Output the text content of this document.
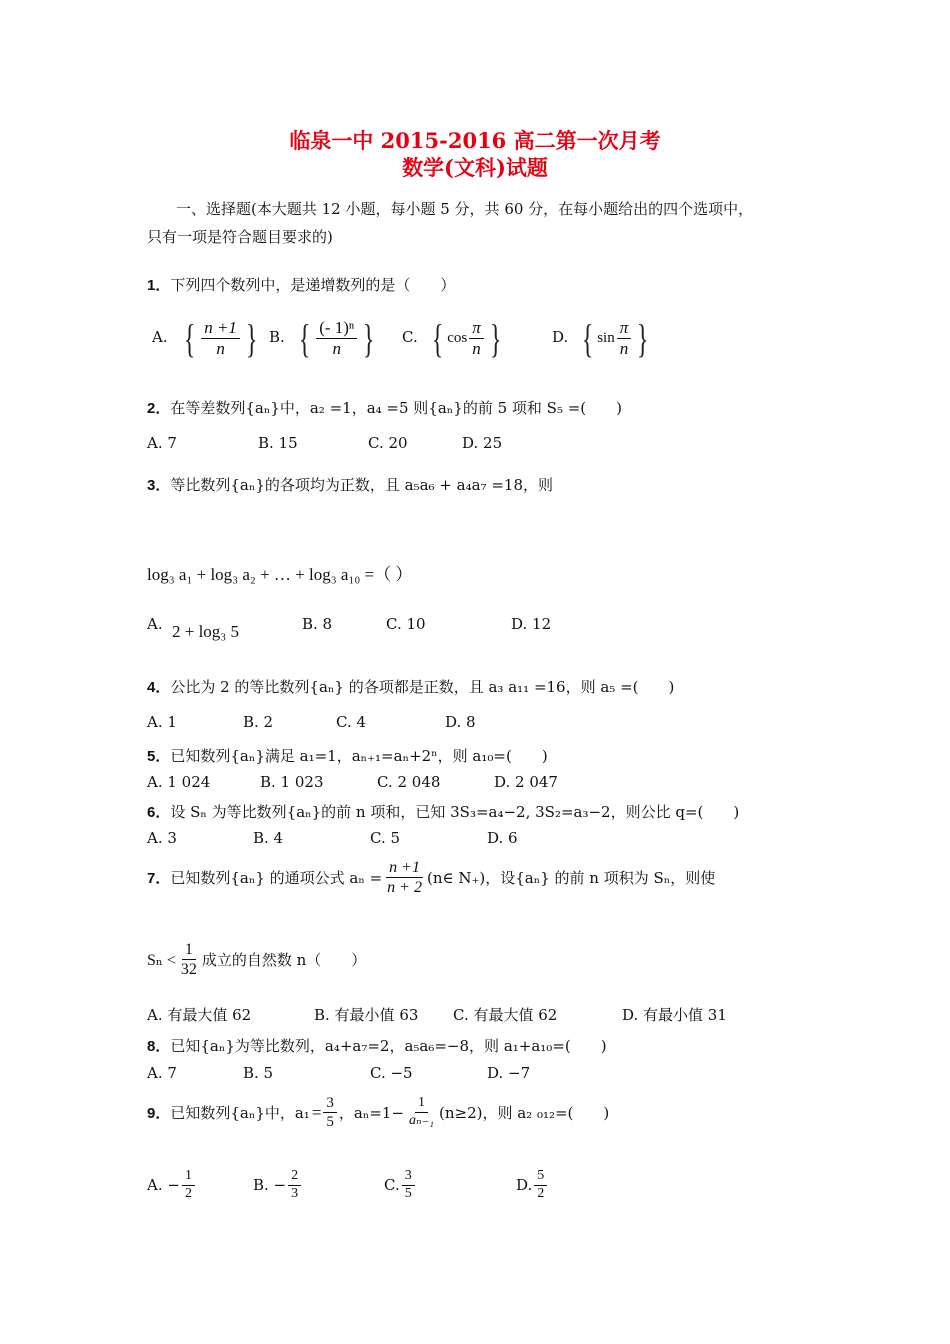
临泉一中 2015-2016 高二第一次月考
数学(文科)试题
一、选择题(本大题共 12 小题，每小题 5 分，共 60 分，在每小题给出的四个选项中，
只有一项是符合题目要求的)
1．下列四个数列中，是递增数列的是（　　）
A. { $\frac{n +1}{n}$ } B. { $\frac{\text{(- 1)ⁿ}}{n}$ } C. { $\cos \frac{\pi}{n}$ }	D. { $\sin \frac{\pi}{n}$ }
2．在等差数列{aₙ}中，a₂ =1，a₄ =5 则{aₙ}的前 5 项和 S₅ =(　　)
A. 7	B. 15	C. 20	D. 25
3．等比数列{aₙ}的各项均为正数，且 a₅a₆ + a₄a₇ =18，则
log₃ a₁ + log₃ a₂ + … + log₃ a₁₀ =（ ）
A. 2 + log₃ 5	B. 8	C. 10	D. 12
4．公比为 2 的等比数列{aₙ} 的各项都是正数，且 a₃ a₁₁ =16，则 a₅ =(　　)
A. 1	B. 2	C. 4	D. 8
5．已知数列{aₙ}满足 a₁=1，aₙ₊₁=aₙ+2ⁿ，则 a₁₀=(　　)
A. 1 024	B. 1 023	C. 2 048	D. 2 047
6．设 Sₙ 为等比数列{aₙ}的前 n 项和，已知 3S₃=a₄−2, 3S₂=a₃−2，则公比 q=(　　)
A. 3	B. 4	C. 5	D. 6
7． 已知数列{aₙ} 的通项公式 $a_n = \frac{n +1}{n + 2}$ (n∈ N₊)，设{aₙ} 的前 n 项积为 Sₙ，则使
$S_n < \frac{1}{32}$ 成立的自然数 n（　　）
A. 有最大值 62	B. 有最小值 63 C. 有最大值 62	D. 有最小值 31
8．已知{aₙ}为等比数列，a₄+a₇=2，a₅a₆=−8，则 a₁+a₁₀=(　　)
A. 7	B. 5	C. −5	D. −7
9． 已知数列{aₙ}中，$a_1 = \frac{3}{5}$ ，$a_n=1- \frac{1}{\text{aₙ₋₁}} (n\ge 2)$，则 a₂ ₀₁₂=(　　)
A. − $\frac{1}{2}$	B. − $\frac{2}{3}$	C. $\frac{3}{5}$	D. $\frac{5}{2}$
